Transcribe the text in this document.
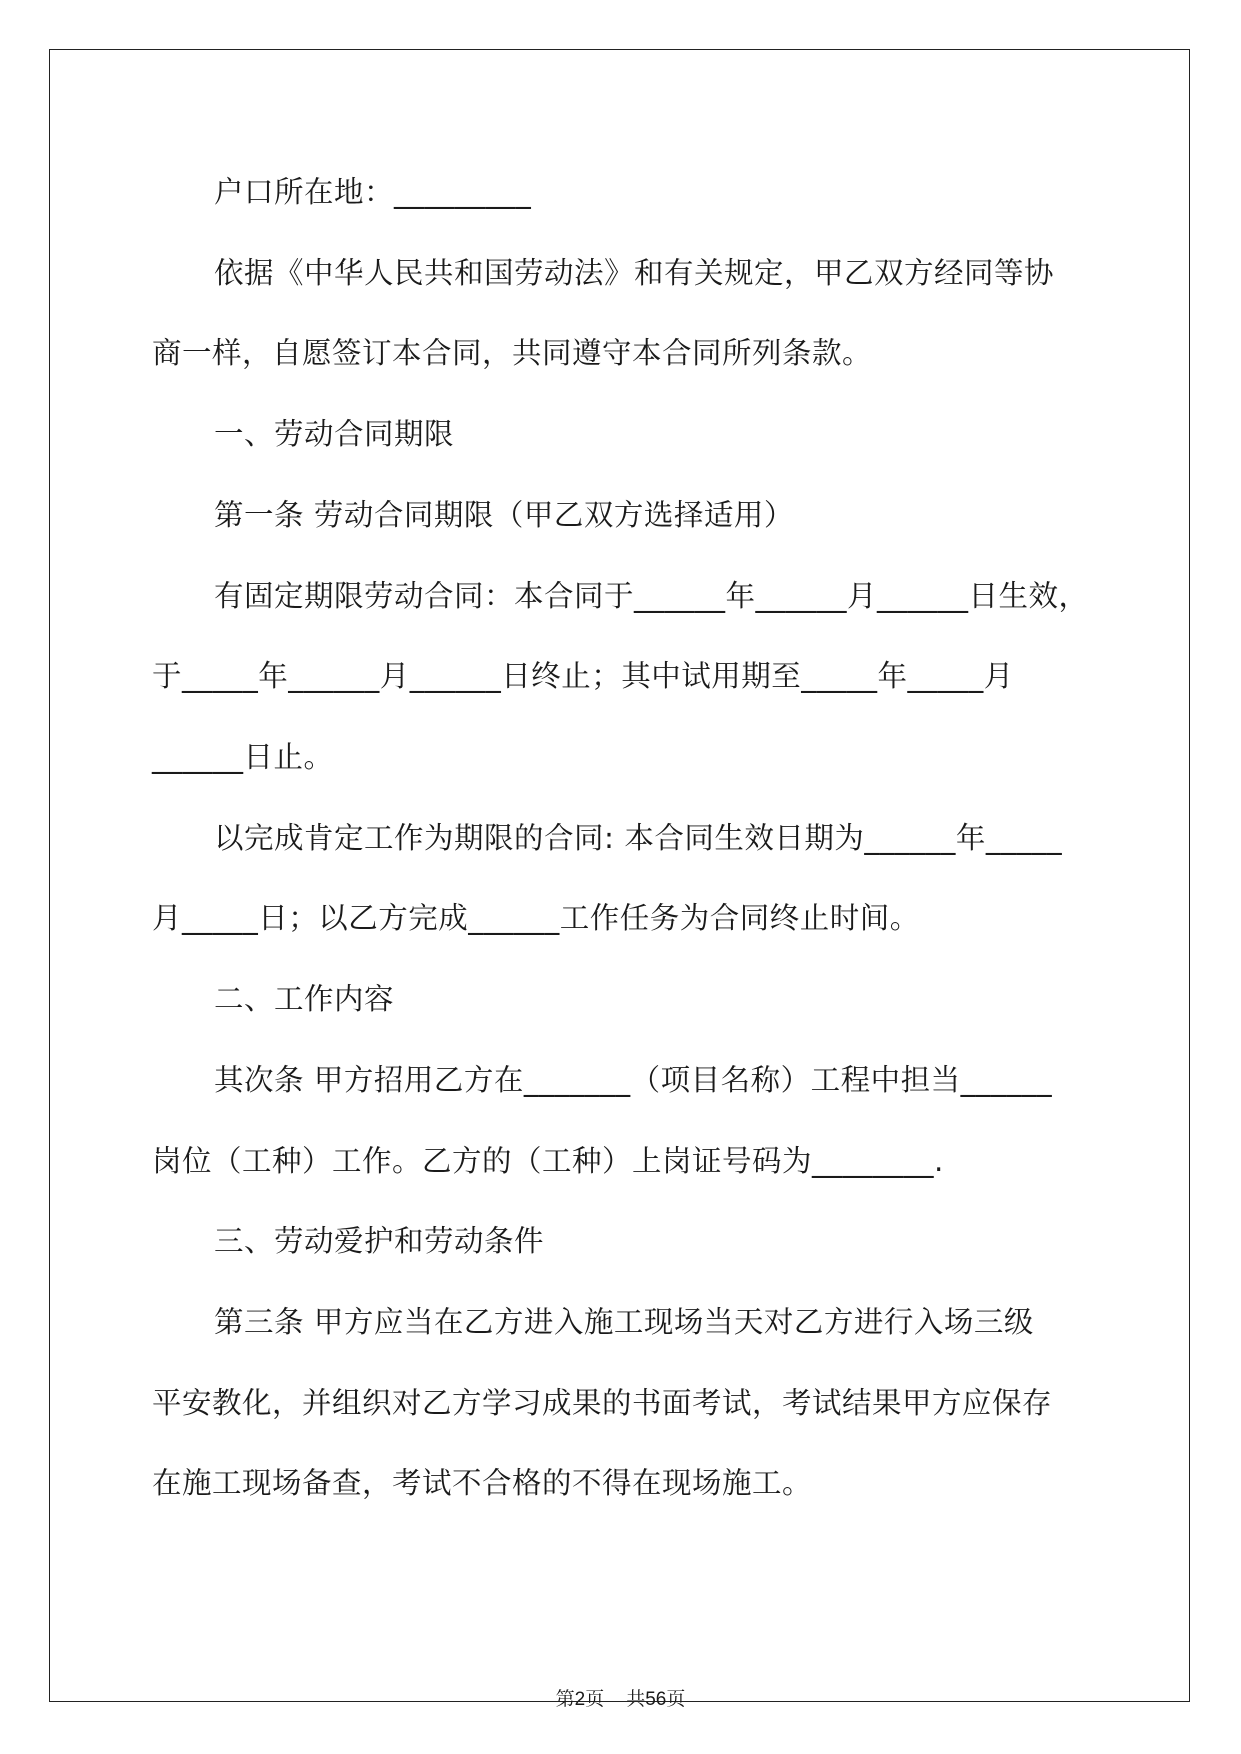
户口所在地：_________
依据《中华人民共和国劳动法》和有关规定，甲乙双方经同等协
商一样，自愿签订本合同，共同遵守本合同所列条款。
一、劳动合同期限
第一条 劳动合同期限（甲乙双方选择适用）
有固定期限劳动合同：本合同于______年______月______日生效，
于_____年______月______日终止；其中试用期至_____年_____月
______日止。
以完成肯定工作为期限的合同: 本合同生效日期为______年_____
月_____日；以乙方完成______工作任务为合同终止时间。
二、工作内容
其次条 甲方招用乙方在_______（项目名称）工程中担当______
岗位（工种）工作。乙方的（工种）上岗证号码为________.
三、劳动爱护和劳动条件
第三条 甲方应当在乙方进入施工现场当天对乙方进行入场三级
平安教化，并组织对乙方学习成果的书面考试，考试结果甲方应保存
在施工现场备查，考试不合格的不得在现场施工。
第2页 共56页
